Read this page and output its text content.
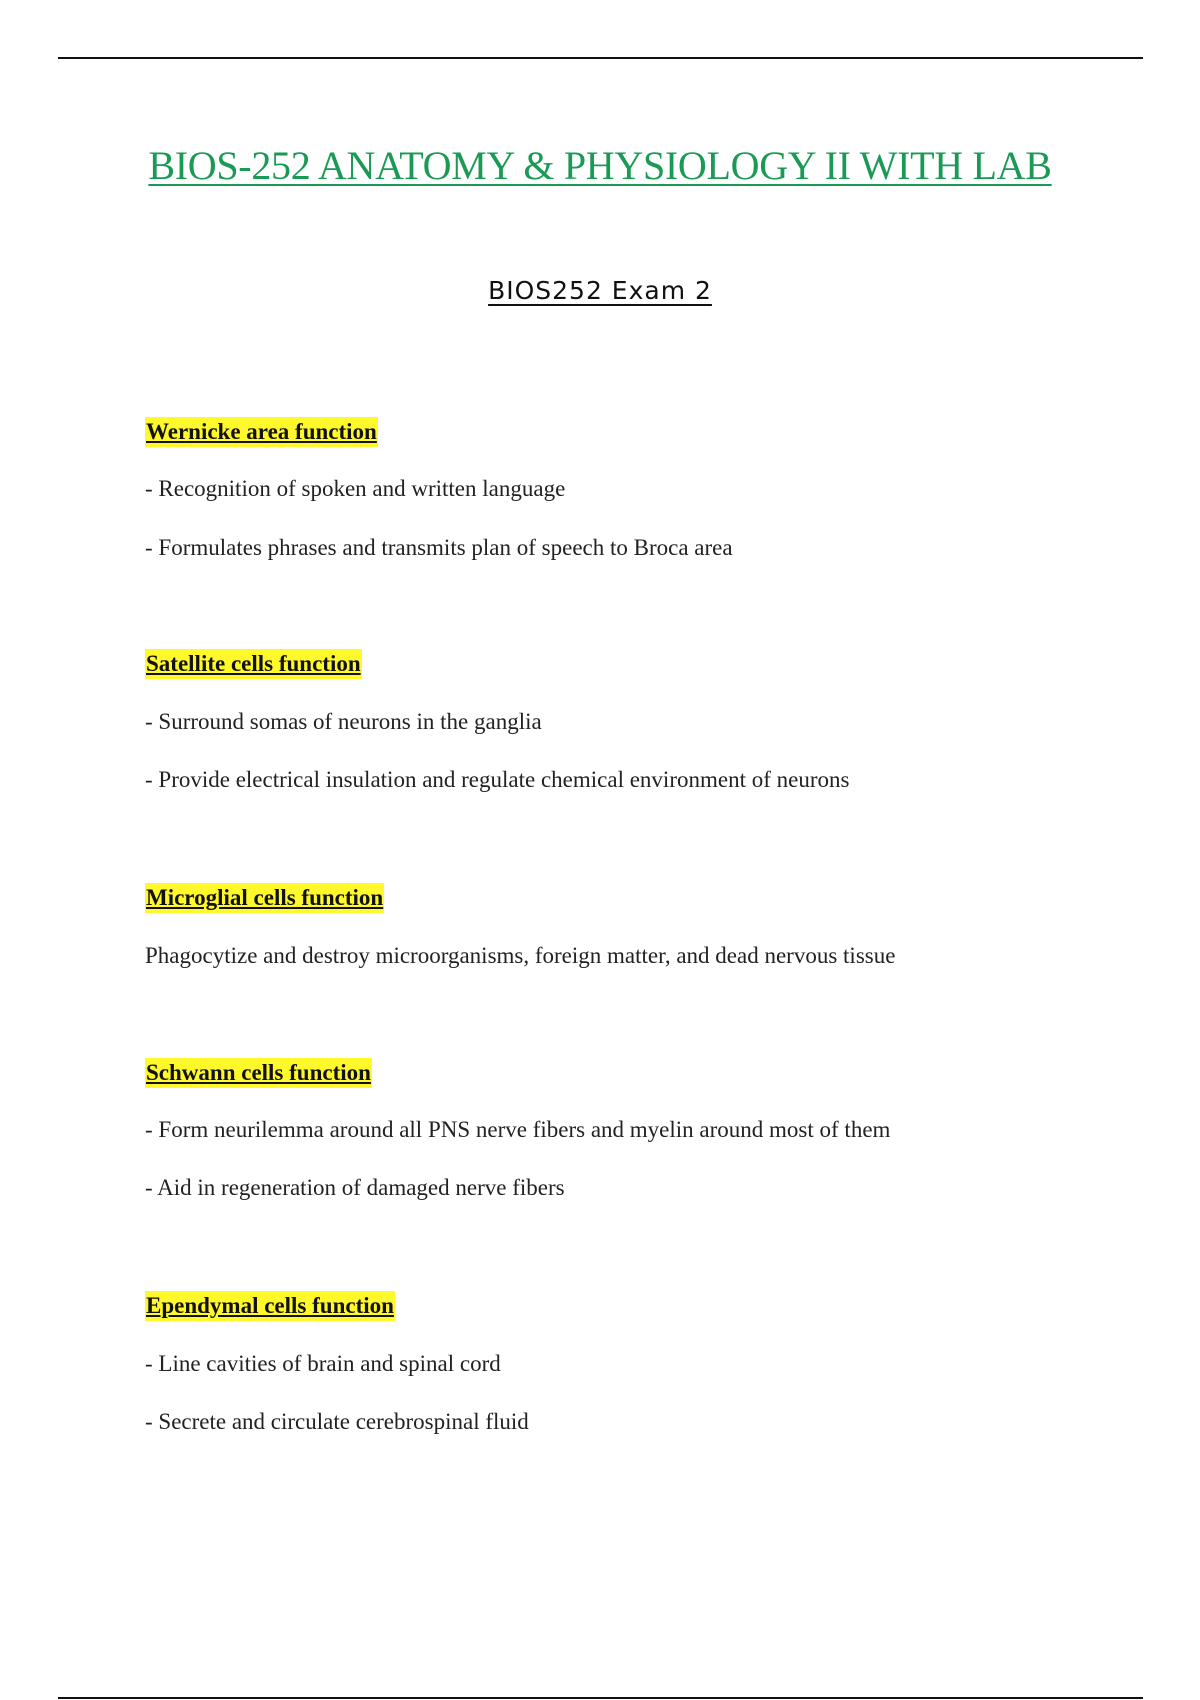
BIOS-252 ANATOMY & PHYSIOLOGY II WITH LAB
BIOS252 Exam 2
Wernicke area function
- Recognition of spoken and written language
- Formulates phrases and transmits plan of speech to Broca area
Satellite cells function
- Surround somas of neurons in the ganglia
- Provide electrical insulation and regulate chemical environment of neurons
Microglial cells function
Phagocytize and destroy microorganisms, foreign matter, and dead nervous tissue
Schwann cells function
- Form neurilemma around all PNS nerve fibers and myelin around most of them
- Aid in regeneration of damaged nerve fibers
Ependymal cells function
- Line cavities of brain and spinal cord
- Secrete and circulate cerebrospinal fluid
